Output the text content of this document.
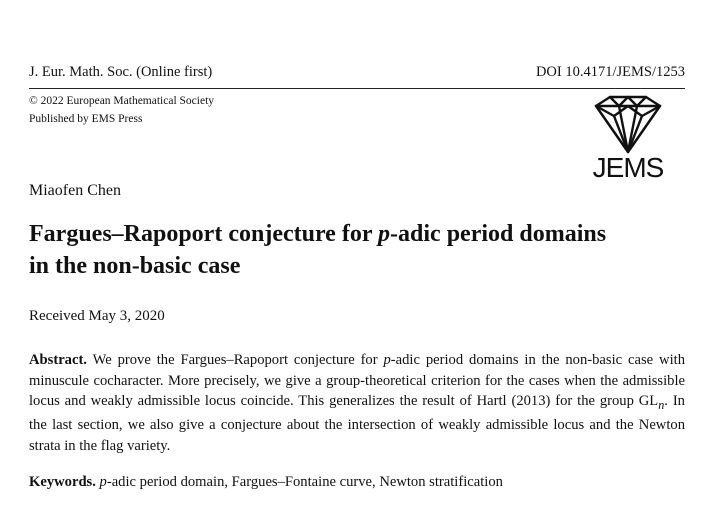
J. Eur. Math. Soc. (Online first)	DOI 10.4171/JEMS/1253
© 2022 European Mathematical Society
Published by EMS Press
JEMS
Miaofen Chen
Fargues–Rapoport conjecture for p-adic period domains
in the non-basic case
Received May 3, 2020
Abstract. We prove the Fargues–Rapoport conjecture for p-adic period domains in the non-basic case with minuscule cocharacter. More precisely, we give a group-theoretical criterion for the cases when the admissible locus and weakly admissible locus coincide. This generalizes the result of Hartl (2013) for the group $GL_n$. In the last section, we also give a conjecture about the intersection of weakly admissible locus and the Newton strata in the flag variety.
Keywords. p-adic period domain, Fargues–Fontaine curve, Newton stratification
